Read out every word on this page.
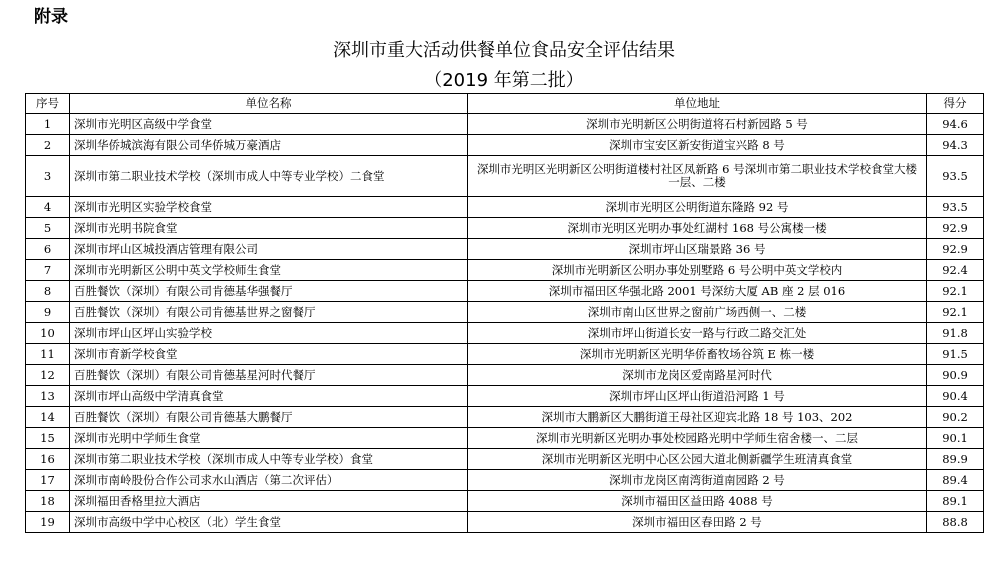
附录
深圳市重大活动供餐单位食品安全评估结果
（2019 年第二批）
序号	单位名称	单位地址	得分
1	深圳市光明区高级中学食堂	深圳市光明新区公明街道将石村新园路 5 号	94.6
2	深圳华侨城滨海有限公司华侨城万豪酒店	深圳市宝安区新安街道宝兴路 8 号	94.3
3	深圳市第二职业技术学校（深圳市成人中等专业学校）二食堂	深圳市光明区光明新区公明街道楼村社区凤新路 6 号深圳市第二职业技术学校食堂大楼一层、二楼	93.5
4	深圳市光明区实验学校食堂	深圳市光明区公明街道东隆路 92 号	93.5
5	深圳市光明书院食堂	深圳市光明区光明办事处红湖村 168 号公寓楼一楼	92.9
6	深圳市坪山区城投酒店管理有限公司	深圳市坪山区瑞景路 36 号	92.9
7	深圳市光明新区公明中英文学校师生食堂	深圳市光明新区公明办事处别墅路 6 号公明中英文学校内	92.4
8	百胜餐饮（深圳）有限公司肯德基华强餐厅	深圳市福田区华强北路 2001 号深纺大厦 AB 座 2 层 016	92.1
9	百胜餐饮（深圳）有限公司肯德基世界之窗餐厅	深圳市南山区世界之窗前广场西侧一、二楼	92.1
10	深圳市坪山区坪山实验学校	深圳市坪山街道长安一路与行政二路交汇处	91.8
11	深圳市育新学校食堂	深圳市光明新区光明华侨畜牧场谷筑 E 栋一楼	91.5
12	百胜餐饮（深圳）有限公司肯德基星河时代餐厅	深圳市龙岗区爱南路星河时代	90.9
13	深圳市坪山高级中学清真食堂	深圳市坪山区坪山街道沿河路 1 号	90.4
14	百胜餐饮（深圳）有限公司肯德基大鹏餐厅	深圳市大鹏新区大鹏街道王母社区迎宾北路 18 号 103、202	90.2
15	深圳市光明中学师生食堂	深圳市光明新区光明办事处校园路光明中学师生宿舍楼一、二层	90.1
16	深圳市第二职业技术学校（深圳市成人中等专业学校）食堂	深圳市光明新区光明中心区公园大道北侧新疆学生班清真食堂	89.9
17	深圳市南岭股份合作公司求水山酒店（第二次评估）	深圳市龙岗区南湾街道南园路 2 号	89.4
18	深圳福田香格里拉大酒店	深圳市福田区益田路 4088 号	89.1
19	深圳市高级中学中心校区（北）学生食堂	深圳市福田区春田路 2 号	88.8
